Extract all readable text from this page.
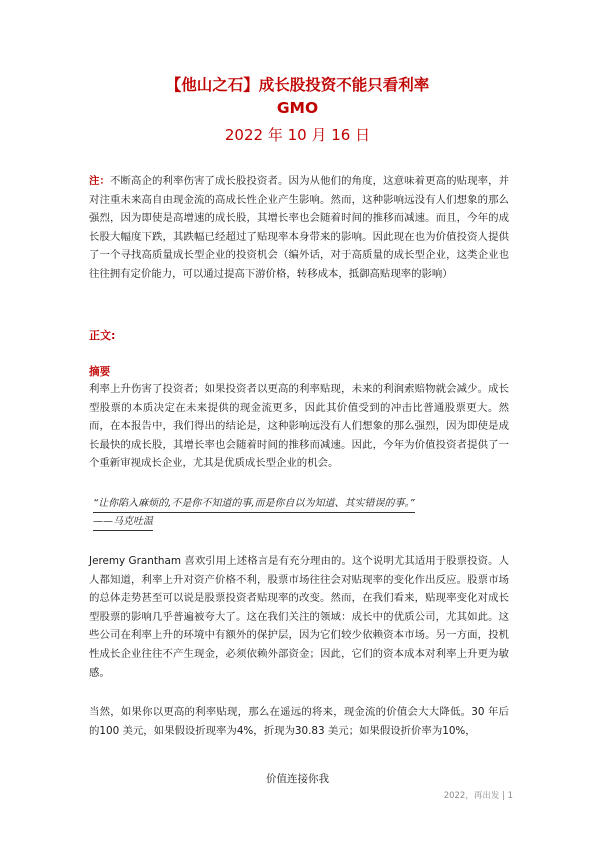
【他山之石】成长股投资不能只看利率
GMO
2022 年 10 月 16 日

注：不断高企的利率伤害了成长股投资者。因为从他们的角度，这意味着更高的贴现率，并对注重未来高自由现金流的高成长性企业产生影响。然而，这种影响远没有人们想象的那么强烈，因为即使是高增速的成长股，其增长率也会随着时间的推移而减速。而且，今年的成长股大幅度下跌，其跌幅已经超过了贴现率本身带来的影响。因此现在也为价值投资人提供了一个寻找高质量成长型企业的投资机会（编外话，对于高质量的成长型企业，这类企业也往往拥有定价能力，可以通过提高下游价格，转移成本，抵御高贴现率的影响）

正文:
摘要

利率上升伤害了投资者；如果投资者以更高的利率贴现，未来的利润索赔物就会减少。成长型股票的本质决定在未来提供的现金流更多，因此其价值受到的冲击比普通股票更大。然而，在本报告中，我们得出的结论是，这种影响远没有人们想象的那么强烈，因为即使是成长最快的成长股，其增长率也会随着时间的推移而减速。因此，今年为价值投资者提供了一个重新审视成长企业，尤其是优质成长型企业的机会。

“让你陷入麻烦的,不是你不知道的事,而是你自以为知道、其实错误的事。”
——马克吐温

Jeremy Grantham 喜欢引用上述格言是有充分理由的。这个说明尤其适用于股票投资。人人都知道，利率上升对资产价格不利，股票市场往往会对贴现率的变化作出反应。股票市场的总体走势甚至可以说是股票投资者贴现率的改变。然而，在我们看来，贴现率变化对成长型股票的影响几乎普遍被夸大了。这在我们关注的领域：成长中的优质公司，尤其如此。这些公司在利率上升的环境中有额外的保护层，因为它们较少依赖资本市场。另一方面，投机性成长企业往往不产生现金，必须依赖外部资金；因此，它们的资本成本对利率上升更为敏感。

当然，如果你以更高的利率贴现，那么在遥远的将来，现金流的价值会大大降低。30 年后的100 美元，如果假设折现率为4%，折现为30.83 美元；如果假设折价率为10%，

价值连接你我
2022，再出发 | 1
